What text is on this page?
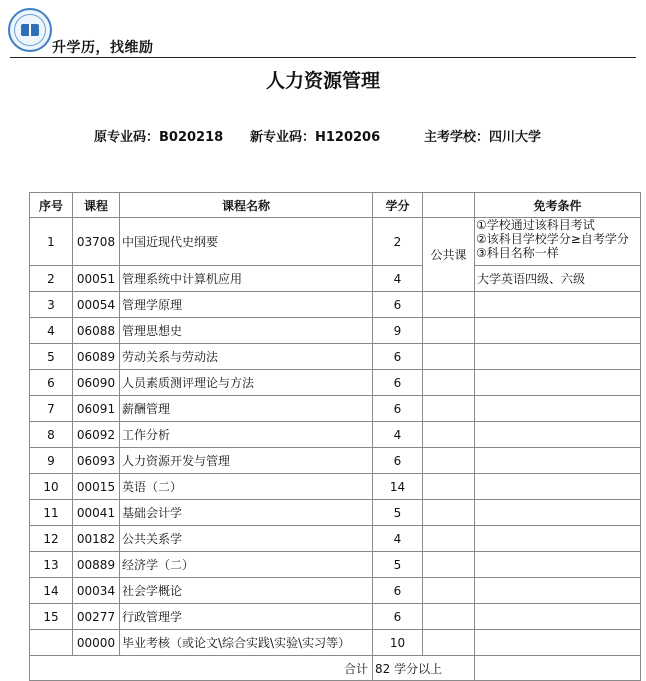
升学历，找维励
人力资源管理
原专业码：B020218 新专业码：H120206	主考学校：四川大学
序号	课程	课程名称	学分		免考条件
1	03708	中国近现代史纲要	2	公共课	①学校通过该科目考试
②该科目学校学分≥自考学分
③科目名称一样

2	00051	管理系统中计算机应用	4		大学英语四级、六级
3	00054	管理学原理	6		
4	06088	管理思想史	9		
5	06089	劳动关系与劳动法	6		
6	06090	人员素质测评理论与方法	6		
7	06091	薪酬管理	6		
8	06092	工作分析	4		
9	06093	人力资源开发与管理	6		
10	00015	英语（二）	14		
11	00041	基础会计学	5		
12	00182	公共关系学	4		
13	00889	经济学（二）	5		
14	00034	社会学概论	6		
15	00277	行政管理学	6		
	00000	毕业考核（或论文\综合实践\实验\实习等）	10		
合计			82 学分以上		
